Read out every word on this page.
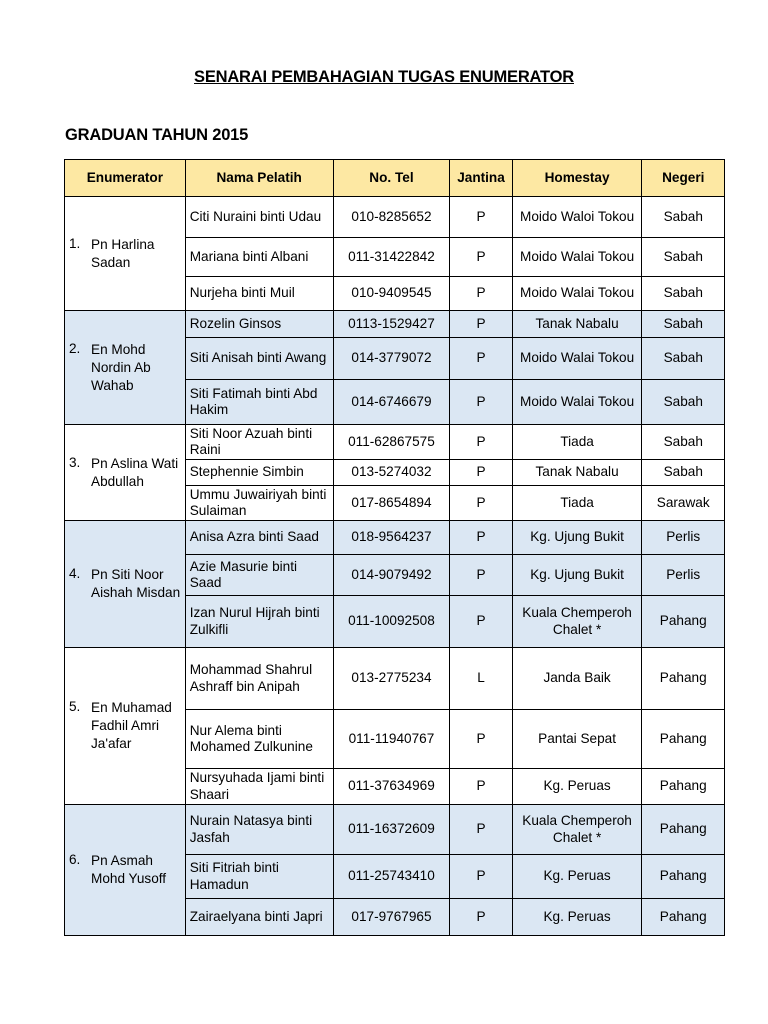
SENARAI PEMBAHAGIAN TUGAS ENUMERATOR
GRADUAN TAHUN 2015
Enumerator	Nama Pelatih	No. Tel	Jantina	Homestay	Negeri

1. Pn Harlina Sadan	Citi Nuraini binti Udau	010-8285652	P	Moido Waloi Tokou	Sabah
	Mariana binti Albani	011-31422842	P	Moido Walai Tokou	Sabah
	Nurjeha binti Muil	010-9409545	P	Moido Walai Tokou	Sabah

2. En Mohd Nordin Ab Wahab	Rozelin Ginsos	0113-1529427	P	Tanak Nabalu	Sabah
	Siti Anisah binti Awang	014-3779072	P	Moido Walai Tokou	Sabah
	Siti Fatimah binti Abd Hakim	014-6746679	P	Moido Walai Tokou	Sabah

3. Pn Aslina Wati Abdullah	Siti Noor Azuah binti Raini	011-62867575	P	Tiada	Sabah
	Stephennie Simbin	013-5274032	P	Tanak Nabalu	Sabah
	Ummu Juwairiyah binti Sulaiman	017-8654894	P	Tiada	Sarawak

4. Pn Siti Noor Aishah Misdan	Anisa Azra binti Saad	018-9564237	P	Kg. Ujung Bukit	Perlis
	Azie Masurie binti Saad	014-9079492	P	Kg. Ujung Bukit	Perlis
	Izan Nurul Hijrah binti Zulkifli	011-10092508	P	Kuala Chemperoh Chalet *	Pahang

5. En Muhamad Fadhil Amri Ja'afar	Mohammad Shahrul Ashraff bin Anipah	013-2775234	L	Janda Baik	Pahang
	Nur Alema binti Mohamed Zulkunine	011-11940767	P	Pantai Sepat	Pahang
	Nursyuhada Ijami binti Shaari	011-37634969	P	Kg. Peruas	Pahang

6. Pn Asmah Mohd Yusoff	Nurain Natasya binti Jasfah	011-16372609	P	Kuala Chemperoh Chalet *	Pahang
	Siti Fitriah binti Hamadun	011-25743410	P	Kg. Peruas	Pahang
	Zairaelyana binti Japri	017-9767965	P	Kg. Peruas	Pahang
